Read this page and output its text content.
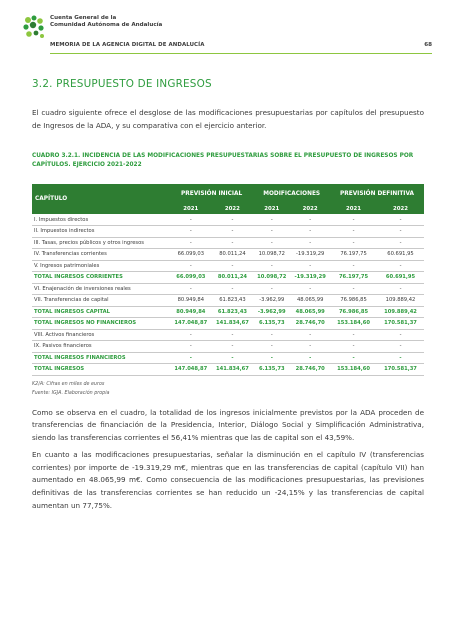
Cuenta General de la
Comunidad Autónoma de Andalucía
MEMORIA DE LA AGENCIA DIGITAL DE ANDALUCÍA	68
3.2. PRESUPUESTO DE INGRESOS

El cuadro siguiente ofrece el desglose de las modificaciones presupuestarias por capítulos del presupuesto de Ingresos de la ADA, y su comparativa con el ejercicio anterior.

CUADRO 3.2.1. INCIDENCIA DE LAS MODIFICACIONES PRESUPUESTARIAS SOBRE EL PRESUPUESTO DE INGRESOS POR CAPÍTULOS. EJERCICIO 2021-2022
CAPÍTULO	PREVISIÓN INICIAL		MODIFICACIONES		PREVISIÓN DEFINITIVA	
	2021	2022	2021	2022	2021	2022
I. Impuestos directos	-	-	-	-	-	-
II. Impuestos indirectos	-	-	-	-	-	-
III. Tasas, precios públicos y otros ingresos	-	-	-	-	-	-
IV. Transferencias corrientes	66.099,03	80.011,24	10.098,72	-19.319,29	76.197,75	60.691,95
V. Ingresos patrimoniales	-	-	-	-	-	-
TOTAL INGRESOS CORRIENTES	66.099,03	80.011,24	10.098,72	-19.319,29	76.197,75	60.691,95
VI. Enajenación de inversiones reales	-	-	-	-	-	-
VII. Transferencias de capital	80.949,84	61.823,43	-3.962,99	48.065,99	76.986,85	109.889,42
TOTAL INGRESOS CAPITAL	80.949,84	61.823,43	-3.962,99	48.065,99	76.986,85	109.889,42
TOTAL INGRESOS NO FINANCIEROS	147.048,87	141.834,67	6.135,73	28.746,70	153.184,60	170.581,37
VIII. Activos financieros	-	-	-	-	-	-
IX. Pasivos financieros	-	-	-	-	-	-
TOTAL INGRESOS FINANCIEROS	-	-	-	-	-	-
TOTAL INGRESOS	147.048,87	141.834,67	6.135,73	28.746,70	153.184,60	170.581,37
K2/A: Cifras en miles de euros
Fuente: IGJA. Elaboración propia

Como se observa en el cuadro, la totalidad de los ingresos inicialmente previstos por la ADA proceden de transferencias de financiación de la Presidencia, Interior, Diálogo Social y Simplificación Administrativa, siendo las transferencias corrientes el 56,41% mientras que las de capital son el 43,59%.

En cuanto a las modificaciones presupuestarias, señalar la disminución en el capítulo IV (transferencias corrientes) por importe de -19.319,29 m€, mientras que en las transferencias de capital (capítulo VII) han aumentado en 48.065,99 m€. Como consecuencia de las modificaciones presupuestarias, las previsiones definitivas de las transferencias corrientes se han reducido un -24,15% y las transferencias de capital aumentan un 77,75%.
